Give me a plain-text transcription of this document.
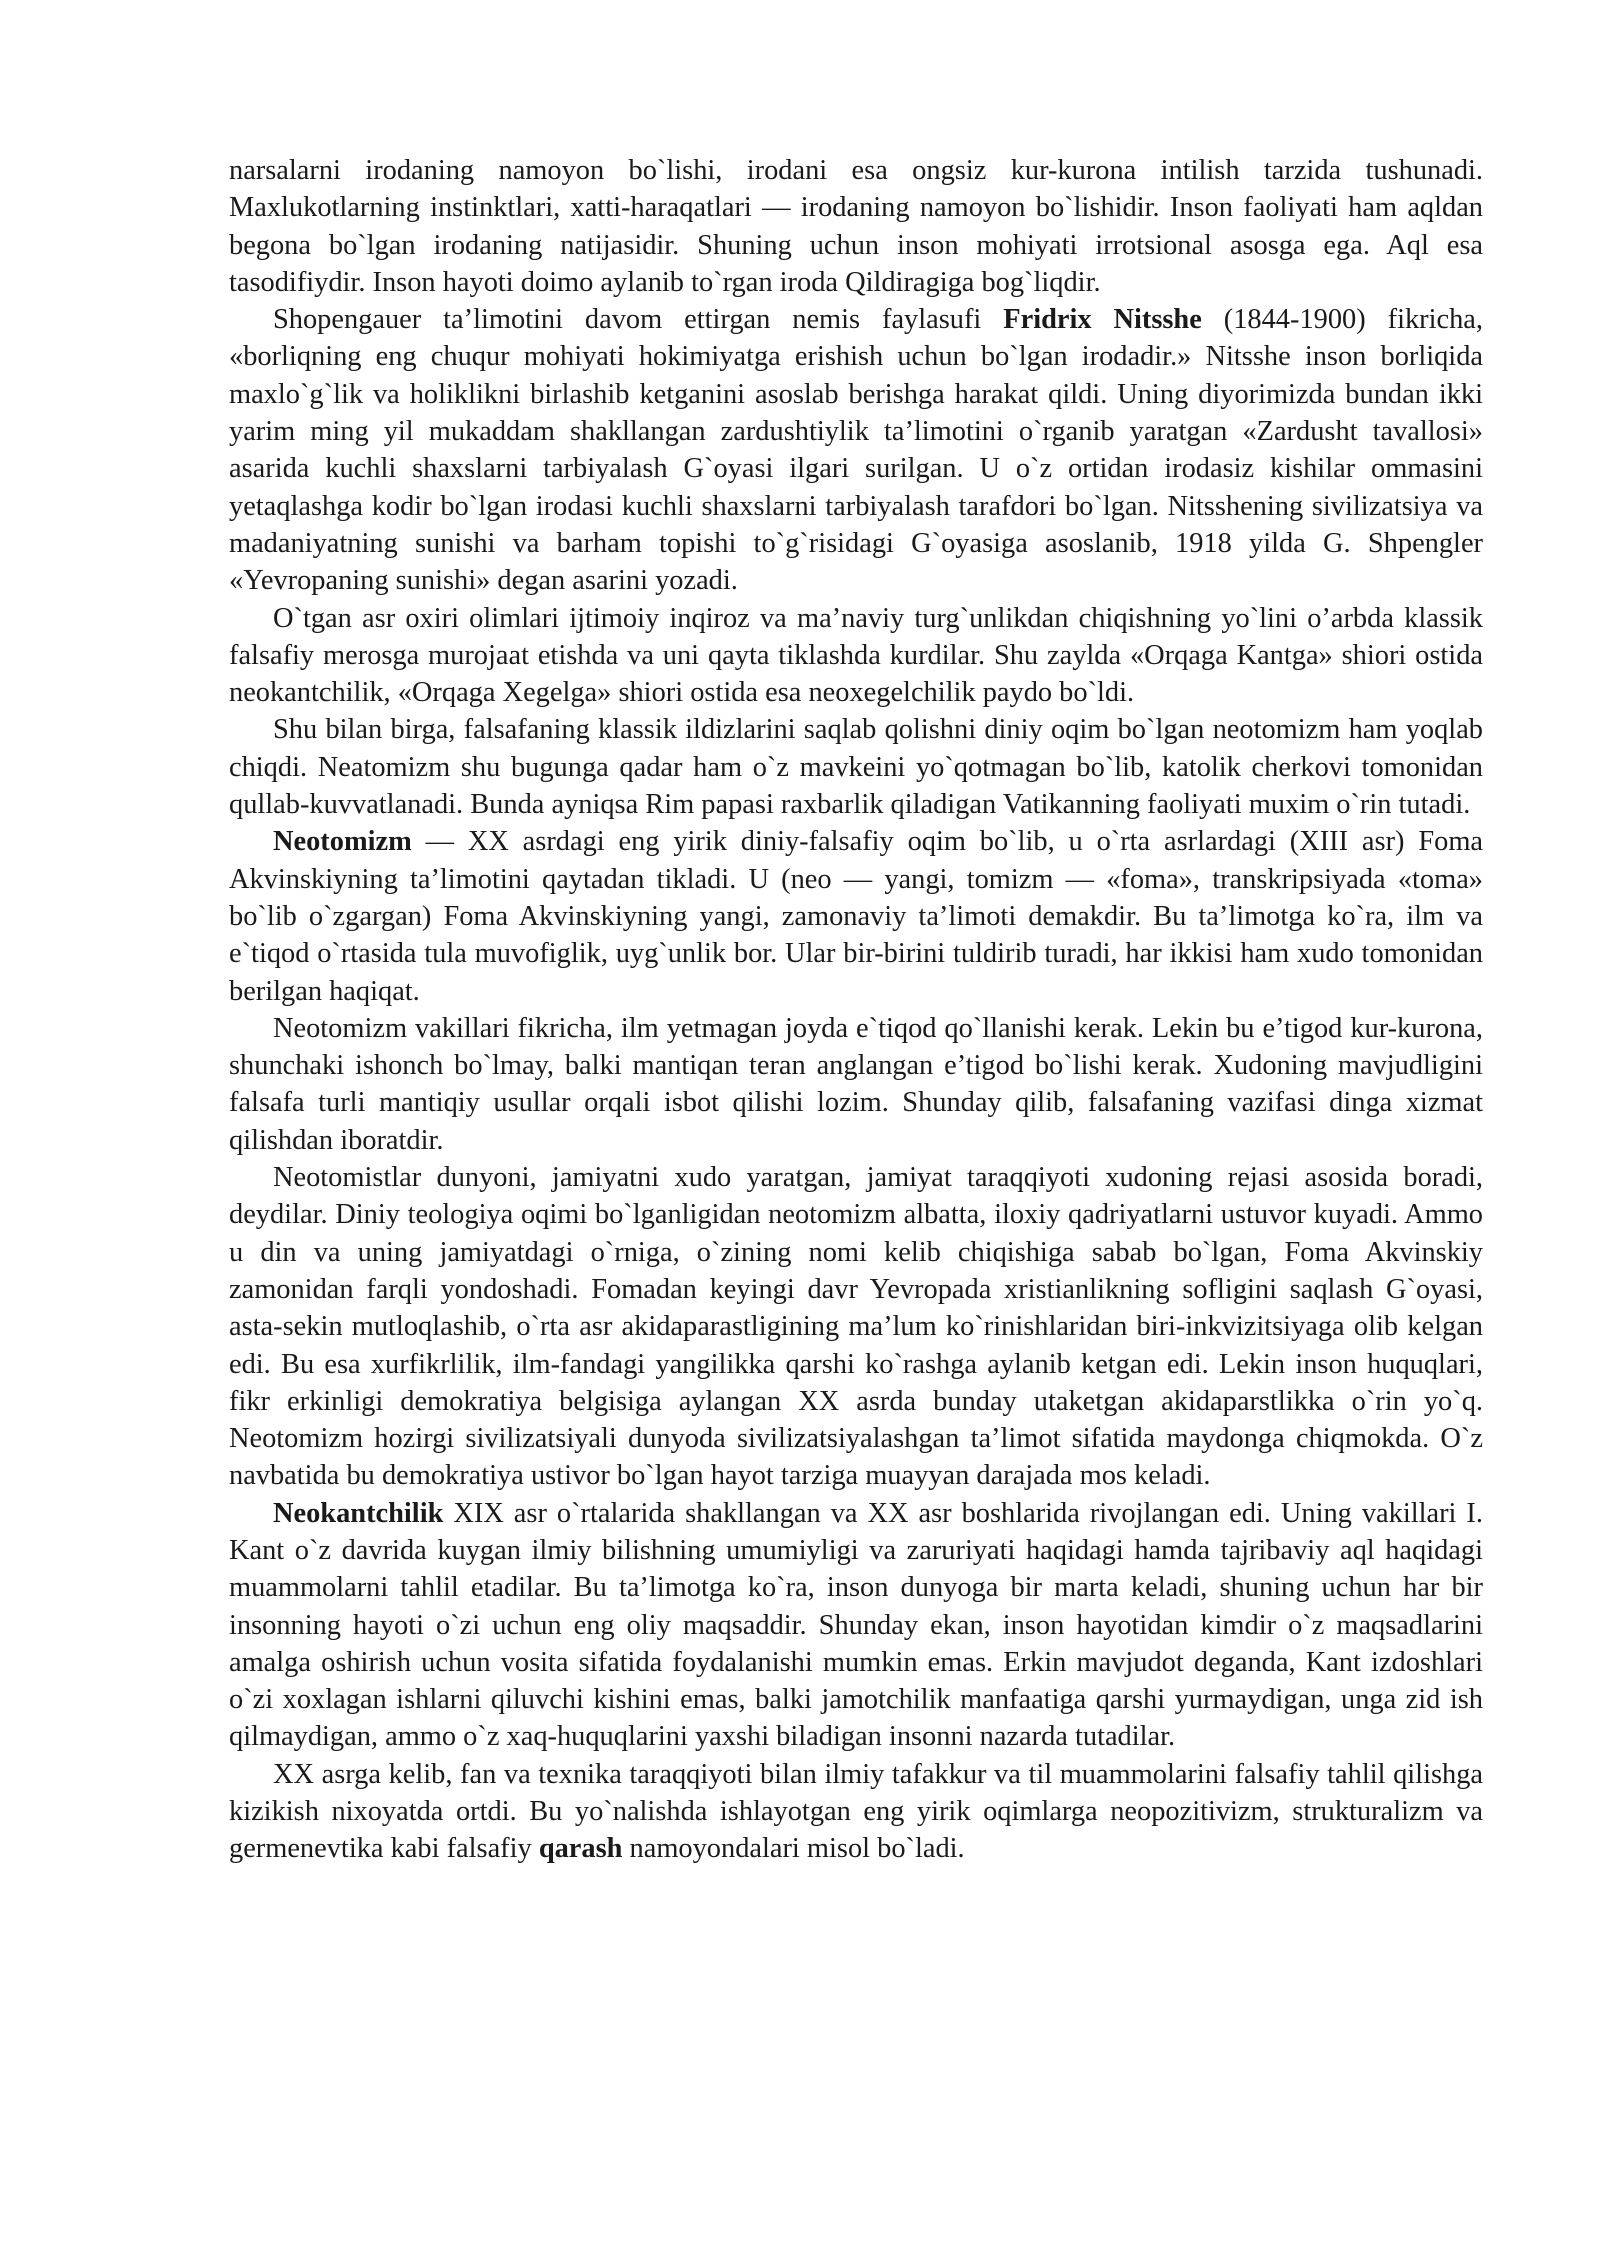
narsalarni irodaning namoyon bo`lishi, irodani esa ongsiz kur-kurona intilish tarzida tushunadi. Maxlukotlarning instinktlari, xatti-haraqatlari — irodaning namoyon bo`lishidir. Inson faoliyati ham aqldan begona bo`lgan irodaning natijasidir. Shuning uchun inson mohiyati irrotsional asosga ega. Aql esa tasodifiydir. Inson hayoti doimo aylanib to`rgan iroda Qildiragiga bog`liqdir.

Shopengauer ta’limotini davom ettirgan nemis faylasufi Fridrix Nitsshe (1844-1900) fikricha, «borliqning eng chuqur mohiyati hokimiyatga erishish uchun bo`lgan irodadir.» Nitsshe inson borliqida maxlo`g`lik va holiklikni birlashib ketganini asoslab berishga harakat qildi. Uning diyorimizda bundan ikki yarim ming yil mukaddam shakllangan zardushtiylik ta’limotini o`rganib yaratgan «Zardusht tavallosi» asarida kuchli shaxslarni tarbiyalash G`oyasi ilgari surilgan. U o`z ortidan irodasiz kishilar ommasini yetaqlashga kodir bo`lgan irodasi kuchli shaxslarni tarbiyalash tarafdori bo`lgan. Nitsshening sivilizatsiya va madaniyatning sunishi va barham topishi to`g`risidagi G`oyasiga asoslanib, 1918 yilda G. Shpengler «Yevropaning sunishi» degan asarini yozadi.

O`tgan asr oxiri olimlari ijtimoiy inqiroz va ma’naviy turg`unlikdan chiqishning yo`lini o’arbda klassik falsafiy merosga murojaat etishda va uni qayta tiklashda kurdilar. Shu zaylda «Orqaga Kantga» shiori ostida neokantchilik, «Orqaga Xegelga» shiori ostida esa neoxegelchilik paydo bo`ldi.

Shu bilan birga, falsafaning klassik ildizlarini saqlab qolishni diniy oqim bo`lgan neotomizm ham yoqlab chiqdi. Neatomizm shu bugunga qadar ham o`z mavkeini yo`qotmagan bo`lib, katolik cherkovi tomonidan qullab-kuvvatlanadi. Bunda ayniqsa Rim papasi raxbarlik qiladigan Vatikanning faoliyati muxim o`rin tutadi.

Neotomizm — XX asrdagi eng yirik diniy-falsafiy oqim bo`lib, u o`rta asrlardagi (XIII asr) Foma Akvinskiyning ta’limotini qaytadan tikladi. U (neo — yangi, tomizm — «foma», transkripsiyada «toma» bo`lib o`zgargan) Foma Akvinskiyning yangi, zamonaviy ta’limoti demakdir. Bu ta’limotga ko`ra, ilm va e`tiqod o`rtasida tula muvofiglik, uyg`unlik bor. Ular bir-birini tuldirib turadi, har ikkisi ham xudo tomonidan berilgan haqiqat.

Neotomizm vakillari fikricha, ilm yetmagan joyda e`tiqod qo`llanishi kerak. Lekin bu e’tigod kur-kurona, shunchaki ishonch bo`lmay, balki mantiqan teran anglangan e’tigod bo`lishi kerak. Xudoning mavjudligini falsafa turli mantiqiy usullar orqali isbot qilishi lozim. Shunday qilib, falsafaning vazifasi dinga xizmat qilishdan iboratdir.

Neotomistlar dunyoni, jamiyatni xudo yaratgan, jamiyat taraqqiyoti xudoning rejasi asosida boradi, deydilar. Diniy teologiya oqimi bo`lganligidan neotomizm albatta, iloxiy qadriyatlarni ustuvor kuyadi. Ammo u din va uning jamiyatdagi o`rniga, o`zining nomi kelib chiqishiga sabab bo`lgan, Foma Akvinskiy zamonidan farqli yondoshadi. Fomadan keyingi davr Yevropada xristianlikning sofligini saqlash G`oyasi, asta-sekin mutloqlashib, o`rta asr akidaparastligining ma’lum ko`rinishlaridan biri-inkvizitsiyaga olib kelgan edi. Bu esa xurfikrlilik, ilm-fandagi yangilikka qarshi ko`rashga aylanib ketgan edi. Lekin inson huquqlari, fikr erkinligi demokratiya belgisiga aylangan XX asrda bunday utaketgan akidaparstlikka o`rin yo`q. Neotomizm hozirgi sivilizatsiyali dunyoda sivilizatsiyalashgan ta’limot sifatida maydonga chiqmokda. O`z navbatida bu demokratiya ustivor bo`lgan hayot tarziga muayyan darajada mos keladi.

Neokantchilik XIX asr o`rtalarida shakllangan va XX asr boshlarida rivojlangan edi. Uning vakillari I. Kant o`z davrida kuygan ilmiy bilishning umumiyligi va zaruriyati haqidagi hamda tajribaviy aql haqidagi muammolarni tahlil etadilar. Bu ta’limotga ko`ra, inson dunyoga bir marta keladi, shuning uchun har bir insonning hayoti o`zi uchun eng oliy maqsaddir. Shunday ekan, inson hayotidan kimdir o`z maqsadlarini amalga oshirish uchun vosita sifatida foydalanishi mumkin emas. Erkin mavjudot deganda, Kant izdoshlari o`zi xoxlagan ishlarni qiluvchi kishini emas, balki jamotchilik manfaatiga qarshi yurmaydigan, unga zid ish qilmaydigan, ammo o`z xaq-huquqlarini yaxshi biladigan insonni nazarda tutadilar.

XX asrga kelib, fan va texnika taraqqiyoti bilan ilmiy tafakkur va til muammolarini falsafiy tahlil qilishga kizikish nixoyatda ortdi. Bu yo`nalishda ishlayotgan eng yirik oqimlarga neopozitivizm, strukturalizm va germenevtika kabi falsafiy qarash namoyondalari misol bo`ladi.
